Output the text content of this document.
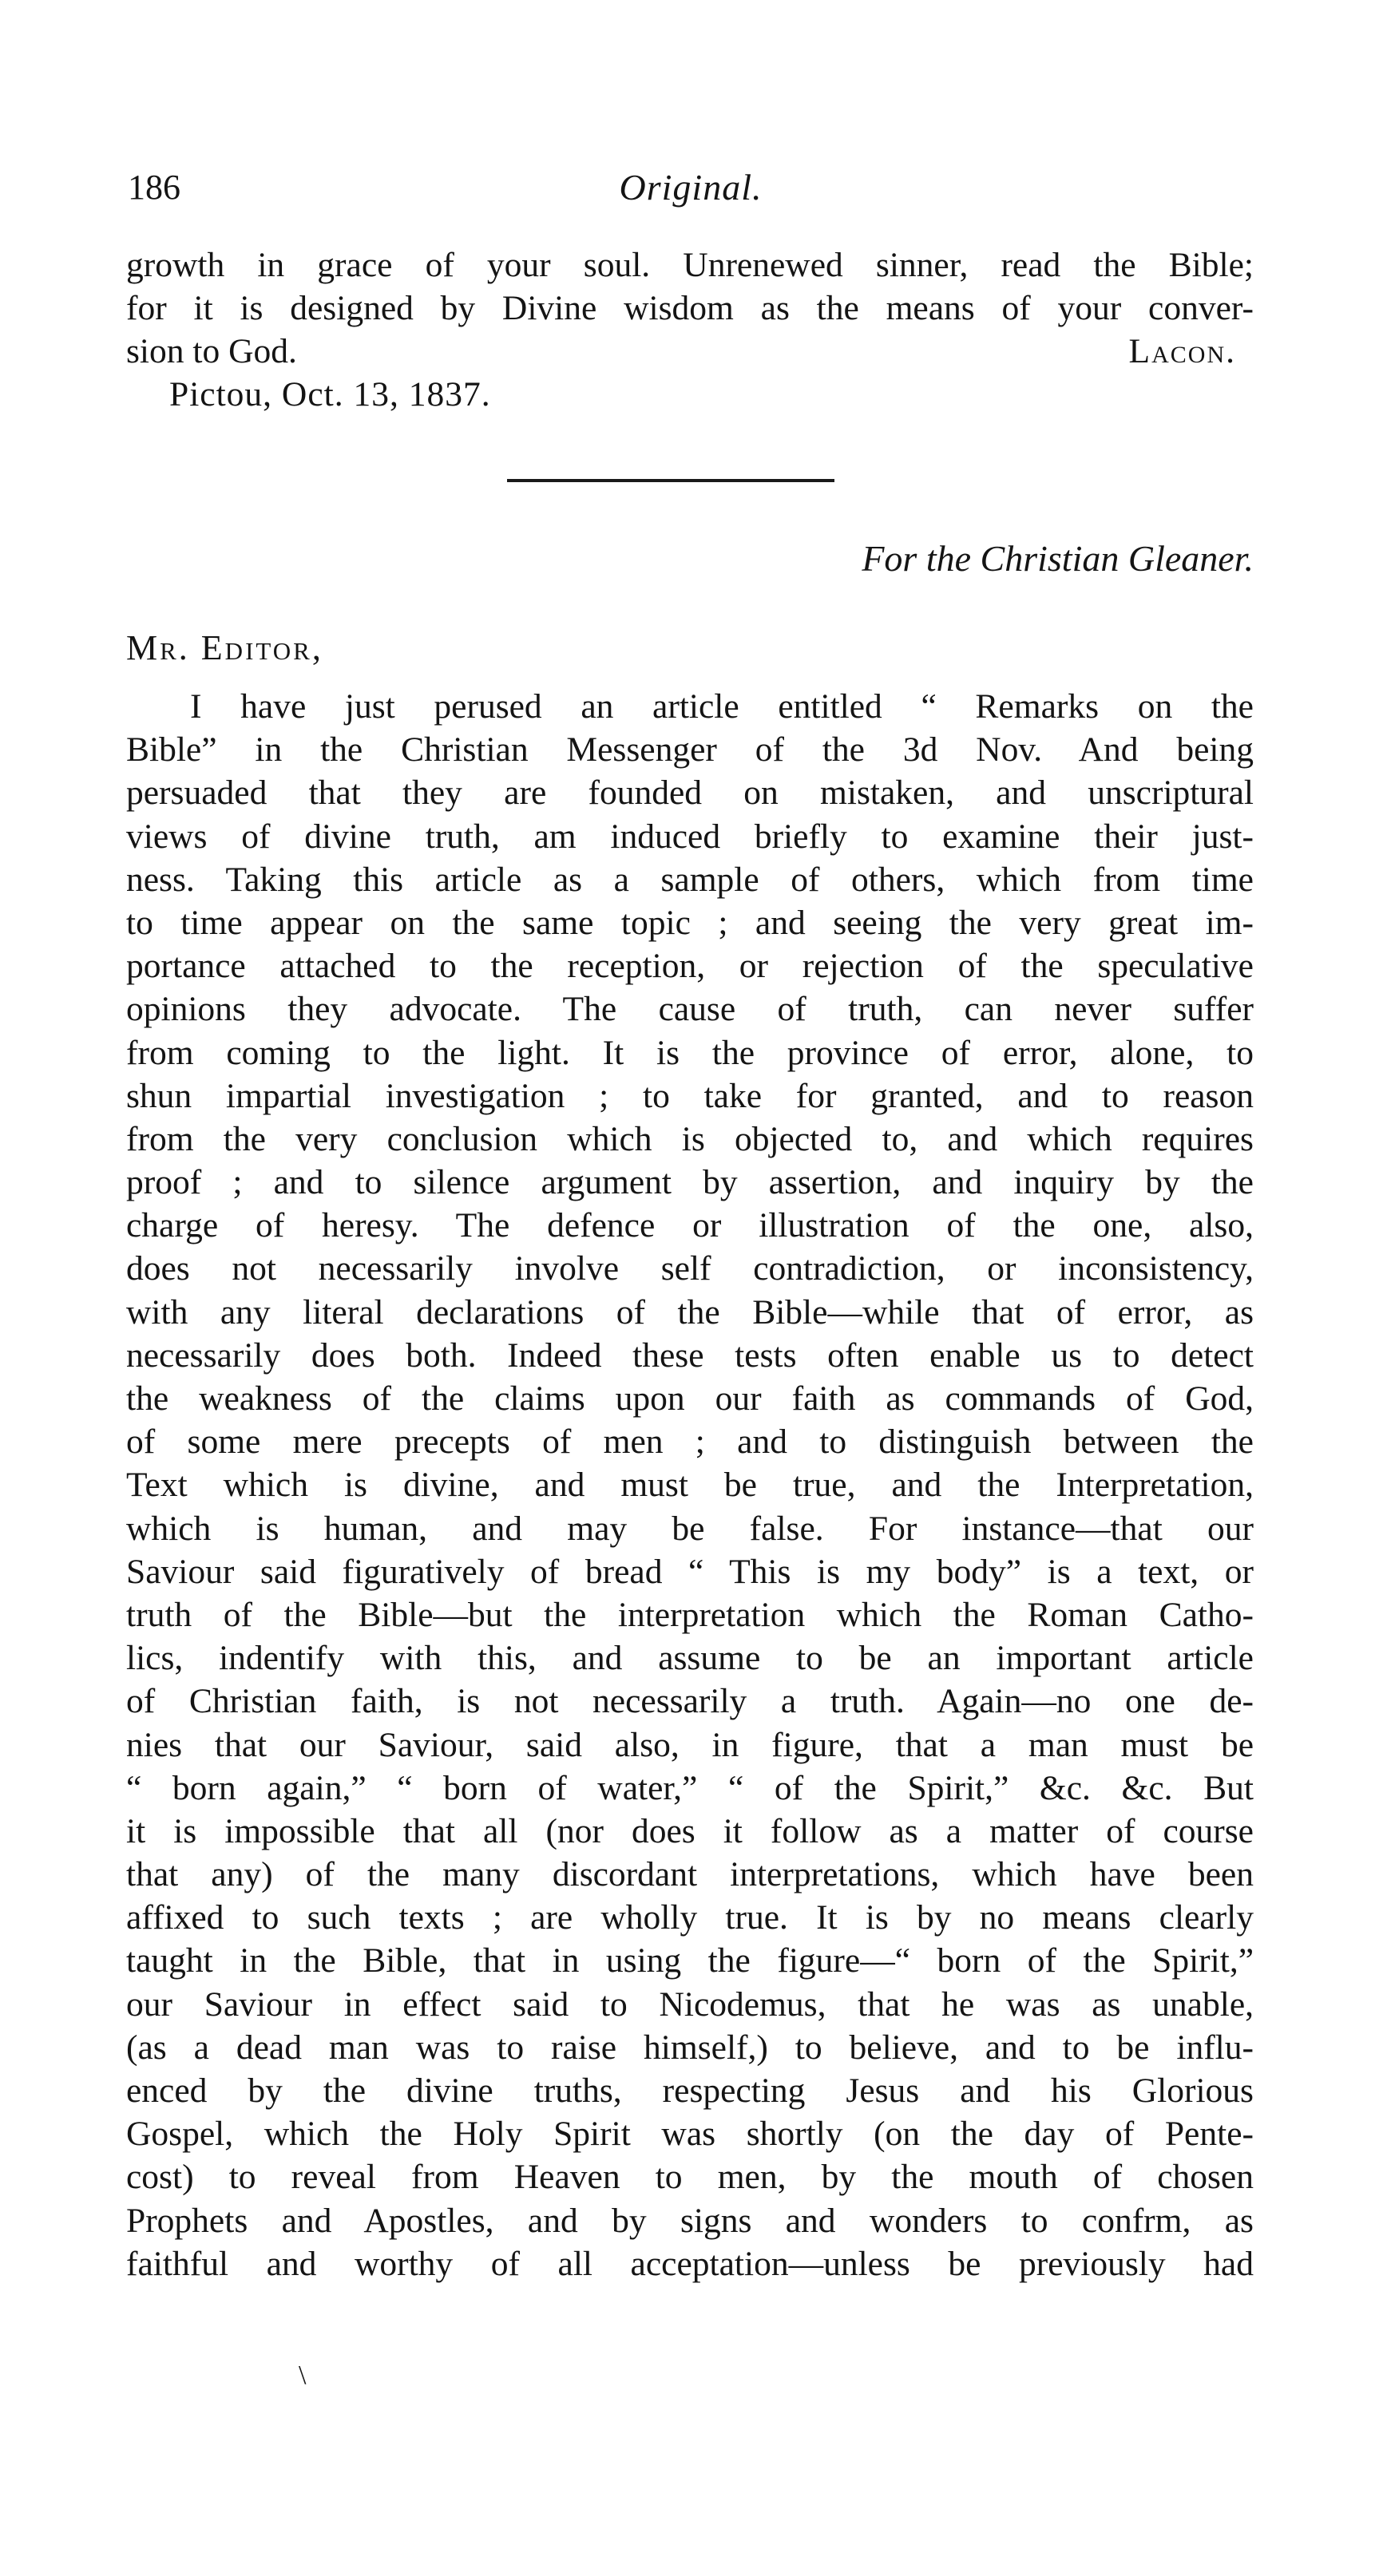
186	Original.
growth in grace of your soul. Unrenewed sinner, read the Bible;
for it is designed by Divine wisdom as the means of your conver-
sion to God.	Lacon.
Pictou, Oct. 13, 1837.
For the Christian Gleaner.
Mr. Editor,
I have just perused an article entitled “ Remarks on the
Bible” in the Christian Messenger of the 3d Nov. And being
persuaded that they are founded on mistaken, and unscriptural
views of divine truth, am induced briefly to examine their just-
ness. Taking this article as a sample of others, which from time
to time appear on the same topic ; and seeing the very great im-
portance attached to the reception, or rejection of the speculative
opinions they advocate. The cause of truth, can never suffer
from coming to the light. It is the province of error, alone, to
shun impartial investigation ; to take for granted, and to reason
from the very conclusion which is objected to, and which requires
proof ; and to silence argument by assertion, and inquiry by the
charge of heresy. The defence or illustration of the one, also,
does not necessarily involve self contradiction, or inconsistency,
with any literal declarations of the Bible—while that of error, as
necessarily does both. Indeed these tests often enable us to detect
the weakness of the claims upon our faith as commands of God,
of some mere precepts of men ; and to distinguish between the
Text which is divine, and must be true, and the Interpretation,
which is human, and may be false. For instance—that our
Saviour said figuratively of bread “ This is my body” is a text, or
truth of the Bible—but the interpretation which the Roman Catho-
lics, indentify with this, and assume to be an important article
of Christian faith, is not necessarily a truth. Again—no one de-
nies that our Saviour, said also, in figure, that a man must be
“ born again,” “ born of water,” “ of the Spirit,” &c. &c. But
it is impossible that all (nor does it follow as a matter of course
that any) of the many discordant interpretations, which have been
affixed to such texts ; are wholly true. It is by no means clearly
taught in the Bible, that in using the figure—“ born of the Spirit,”
our Saviour in effect said to Nicodemus, that he was as unable,
(as a dead man was to raise himself,) to believe, and to be influ-
enced by the divine truths, respecting Jesus and his Glorious
Gospel, which the Holy Spirit was shortly (on the day of Pente-
cost) to reveal from Heaven to men, by the mouth of chosen
Prophets and Apostles, and by signs and wonders to confrm, as
faithful and worthy of all acceptation—unless be previously had
\
